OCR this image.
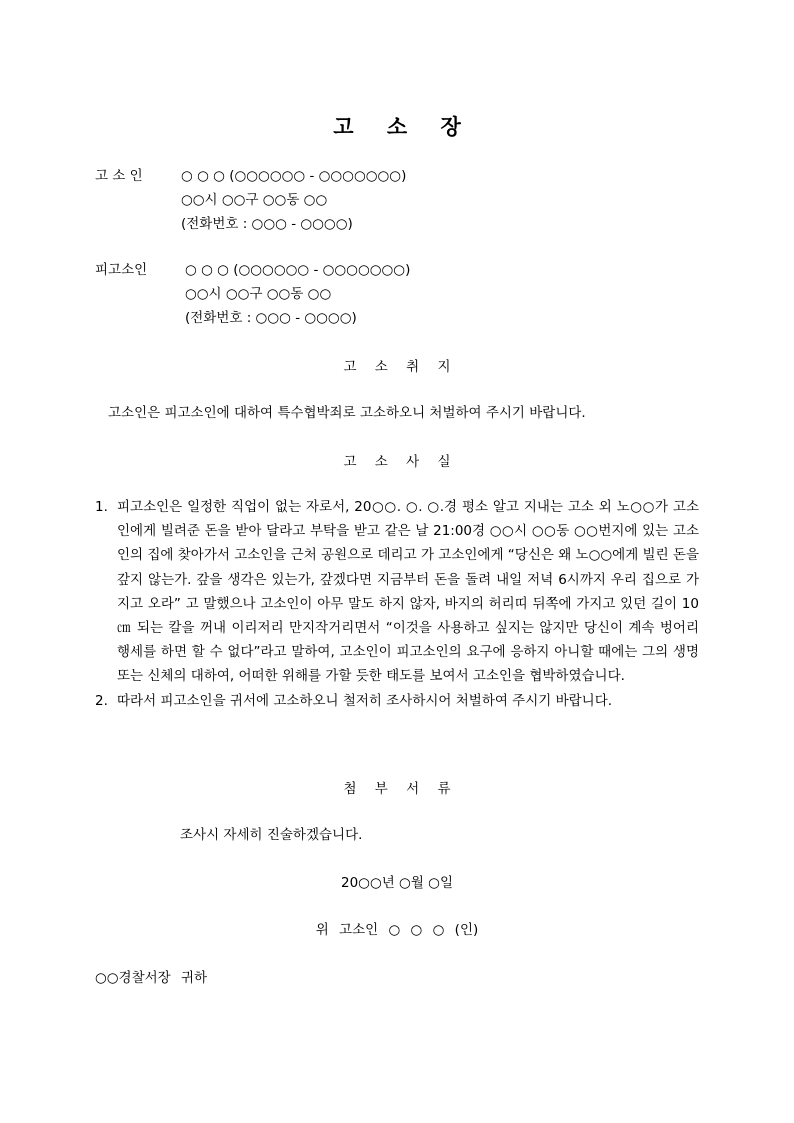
고 소 장
고 소 인	○ ○ ○ (○○○○○○ - ○○○○○○○)
○○시 ○○구 ○○동 ○○
(전화번호 : ○○○ - ○○○○)
피고소인	○ ○ ○ (○○○○○○ - ○○○○○○○)
○○시 ○○구 ○○동 ○○
(전화번호 : ○○○ - ○○○○)
고 소 취 지
고소인은 피고소인에 대하여 특수협박죄로 고소하오니 처벌하여 주시기 바랍니다.
고 소 사 실
1. 피고소인은 일정한 직업이 없는 자로서, 20○○. ○. ○.경 평소 알고 지내는 고소 외 노○○가 고소인에게 빌려준 돈을 받아 달라고 부탁을 받고 같은 날 21:00경 ○○시 ○○동 ○○번지에 있는 고소인의 집에 찾아가서 고소인을 근처 공원으로 데리고 가 고소인에게 “당신은 왜 노○○에게 빌린 돈을 갚지 않는가. 갚을 생각은 있는가, 갚겠다면 지금부터 돈을 돌려 내일 저녁 6시까지 우리 집으로 가지고 오라” 고 말했으나 고소인이 아무 말도 하지 않자, 바지의 허리띠 뒤쪽에 가지고 있던 길이 10㎝ 되는 칼을 꺼내 이리저리 만지작거리면서 “이것을 사용하고 싶지는 않지만 당신이 계속 벙어리 행세를 하면 할 수 없다”라고 말하여, 고소인이 피고소인의 요구에 응하지 아니할 때에는 그의 생명 또는 신체의 대하여, 어떠한 위해를 가할 듯한 태도를 보여서 고소인을 협박하였습니다.
2. 따라서 피고소인을 귀서에 고소하오니 철저히 조사하시어 처벌하여 주시기 바랍니다.
첨 부 서 류
조사시 자세히 진술하겠습니다.
20○○년 ○월 ○일
위 고소인 ○ ○ ○ (인)
○○경찰서장 귀하
